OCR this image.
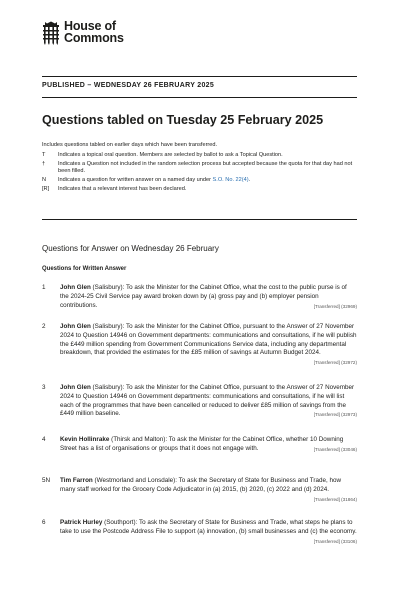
House of
Commons
PUBLISHED – WEDNESDAY 26 FEBRUARY 2025
Questions tabled on Tuesday 25 February 2025
Includes questions tabled on earlier days which have been transferred.
T	Indicates a topical oral question. Members are selected by ballot to ask a Topical Question.
†	Indicates a Question not included in the random selection process but accepted because the quota for that day had not been filled.
N	Indicates a question for written answer on a named day under S.O. No. 22(4).
[R]	Indicates that a relevant interest has been declared.
Questions for Answer on Wednesday 26 February
Questions for Written Answer
1 John Glen (Salisbury): To ask the Minister for the Cabinet Office, what the cost to the public purse is of the 2024-25 Civil Service pay award broken down by (a) gross pay and (b) employer pension contributions.	[Transferred] (32969)
2 John Glen (Salisbury): To ask the Minister for the Cabinet Office, pursuant to the Answer of 27 November 2024 to Question 14946 on Government departments: communications and consultations, if he will publish the £449 million spending from Government Communications Service data, including any departmental breakdown, that provided the estimates for the £85 million of savings at Autumn Budget 2024.
[Transferred] (32972)
3 John Glen (Salisbury): To ask the Minister for the Cabinet Office, pursuant to the Answer of 27 November 2024 to Question 14946 on Government departments: communications and consultations, if he will list each of the programmes that have been cancelled or reduced to deliver £85 million of savings from the £449 million baseline.	[Transferred] (32973)
4 Kevin Hollinrake (Thirsk and Malton): To ask the Minister for the Cabinet Office, whether 10 Downing Street has a list of organisations or groups that it does not engage with.	[Transferred] (33046)
5N Tim Farron (Westmorland and Lonsdale): To ask the Secretary of State for Business and Trade, how many staff worked for the Grocery Code Adjudicator in (a) 2015, (b) 2020, (c) 2022 and (d) 2024.
[Transferred] (31864)
6 Patrick Hurley (Southport): To ask the Secretary of State for Business and Trade, what steps he plans to take to use the Postcode Address File to support (a) innovation, (b) small businesses and (c) the economy.
[Transferred] (33106)
